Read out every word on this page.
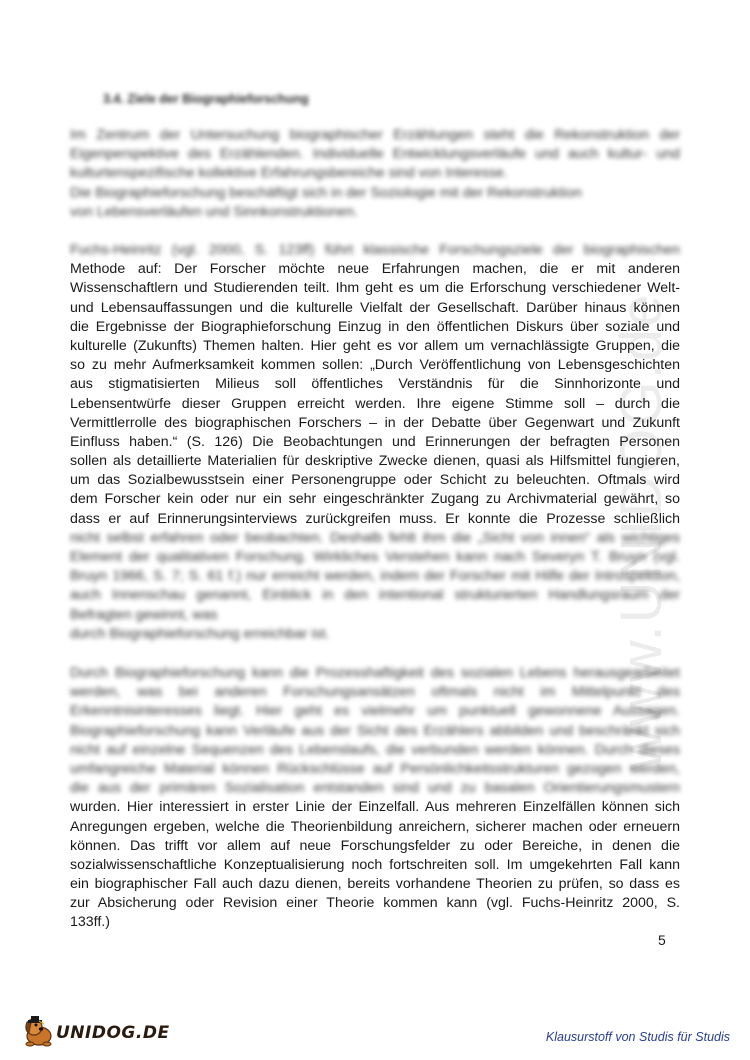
www.UNIDOG.de
3.4. Ziele der Biographieforschung
Im Zentrum der Untersuchung biographischer Erzählungen steht die Rekonstruktion der
Eigenperspektive des Erzählenden. Individuelle Entwicklungsverläufe und auch kultur- und
kulturtenspezifische kollektive Erfahrungsbereiche sind von Interesse.
Die Biographieforschung beschäftigt sich in der Soziologie mit der Rekonstruktion
von Lebensverläufen und Sinnkonstruktionen.
Fuchs-Heinritz (vgl. 2000, S. 123ff) führt klassische Forschungsziele der biographischen
Methode auf: Der Forscher möchte neue Erfahrungen machen, die er mit anderen
Wissenschaftlern und Studierenden teilt. Ihm geht es um die Erforschung verschiedener Welt-
und Lebensauffassungen und die kulturelle Vielfalt der Gesellschaft. Darüber hinaus können
die Ergebnisse der Biographieforschung Einzug in den öffentlichen Diskurs über soziale und
kulturelle (Zukunfts) Themen halten. Hier geht es vor allem um vernachlässigte Gruppen, die
so zu mehr Aufmerksamkeit kommen sollen: „Durch Veröffentlichung von Lebensgeschichten
aus stigmatisierten Milieus soll öffentliches Verständnis für die Sinnhorizonte und
Lebensentwürfe dieser Gruppen erreicht werden. Ihre eigene Stimme soll – durch die
Vermittlerrolle des biographischen Forschers – in der Debatte über Gegenwart und Zukunft
Einfluss haben.“ (S. 126) Die Beobachtungen und Erinnerungen der befragten Personen
sollen als detaillierte Materialien für deskriptive Zwecke dienen, quasi als Hilfsmittel fungieren,
um das Sozialbewusstsein einer Personengruppe oder Schicht zu beleuchten. Oftmals wird
dem Forscher kein oder nur ein sehr eingeschränkter Zugang zu Archivmaterial gewährt, so
dass er auf Erinnerungsinterviews zurückgreifen muss. Er konnte die Prozesse schließlich
nicht selbst erfahren oder beobachten. Deshalb fehlt ihm die „Sicht von innen“ als wichtiges
Element der qualitativen Forschung. Wirkliches Verstehen kann nach Severyn T. Bruyn (vgl.
Bruyn 1966, S. 7; S. 61 f.) nur erreicht werden, indem der Forscher mit Hilfe der Introspektion,
auch Innenschau genannt, Einblick in den intentional strukturierten Handlungsraum der
Befragten gewinnt, was
durch Biographieforschung erreichbar ist.
Durch Biographieforschung kann die Prozesshaftigkeit des sozialen Lebens herausgearbeitet
werden, was bei anderen Forschungsansätzen oftmals nicht im Mittelpunkt des
Erkenntnisinteresses liegt. Hier geht es vielmehr um punktuell gewonnene Aussagen.
Biographieforschung kann Verläufe aus der Sicht des Erzählers abbilden und beschränkt sich
nicht auf einzelne Sequenzen des Lebenslaufs, die verbunden werden können. Durch dieses
umfangreiche Material können Rückschlüsse auf Persönlichkeitsstrukturen gezogen werden,
die aus der primären Sozialisation entstanden sind und zu basalen Orientierungsmustern
wurden. Hier interessiert in erster Linie der Einzelfall. Aus mehreren Einzelfällen können sich
Anregungen ergeben, welche die Theorienbildung anreichern, sicherer machen oder erneuern
können. Das trifft vor allem auf neue Forschungsfelder zu oder Bereiche, in denen die
sozialwissenschaftliche Konzeptualisierung noch fortschreiten soll. Im umgekehrten Fall kann
ein biographischer Fall auch dazu dienen, bereits vorhandene Theorien zu prüfen, so dass es
zur Absicherung oder Revision einer Theorie kommen kann (vgl. Fuchs-Heinritz 2000, S.
133ff.)
5
UNIDOG.DE	Klausurstoff von Studis für Studis
